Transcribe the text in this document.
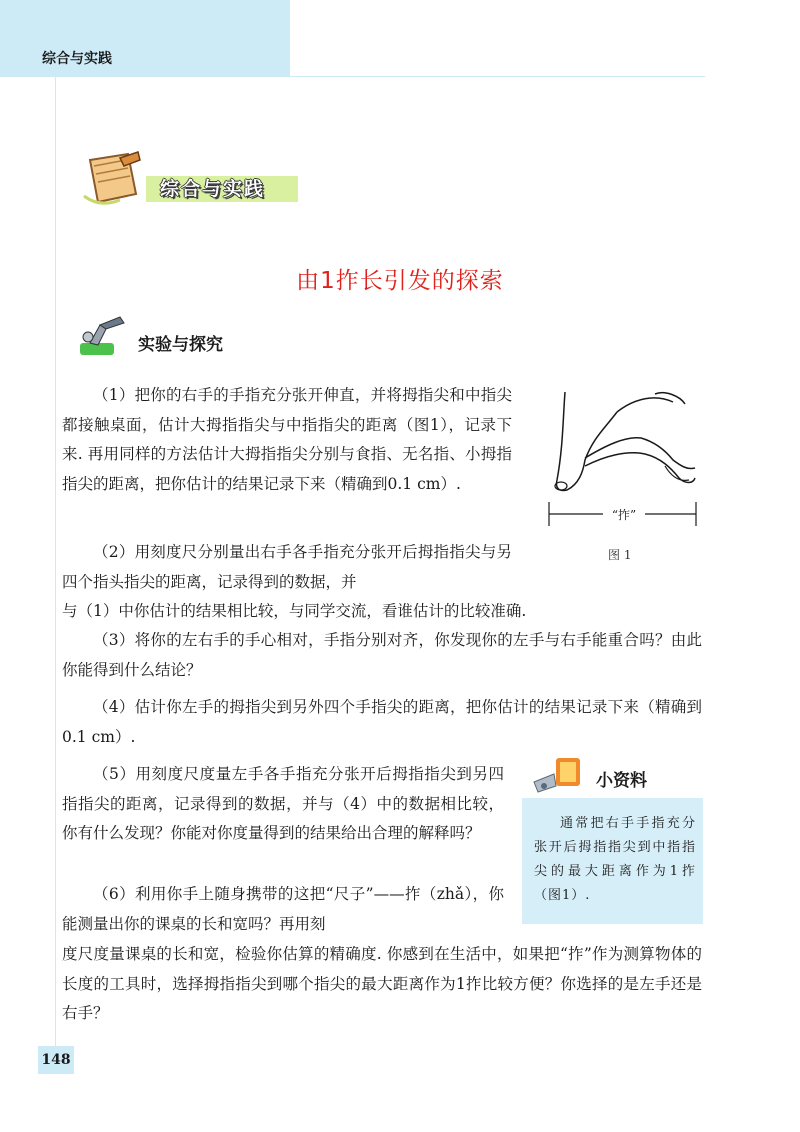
综合与实践
综合与实践
由1拃长引发的探索
实验与探究

（1）把你的右手的手指充分张开伸直，并将拇指尖和中指尖都接触桌面，估计大拇指指尖与中指指尖的距离（图1），记录下来. 再用同样的方法估计大拇指指尖分别与食指、无名指、小拇指指尖的距离，把你估计的结果记录下来（精确到0.1 cm）.

（2）用刻度尺分别量出右手各手指充分张开后拇指指尖与另四个指头指尖的距离，记录得到的数据，并

与（1）中你估计的结果相比较，与同学交流，看谁估计的比较准确.

（3）将你的左右手的手心相对，手指分别对齐，你发现你的左手与右手能重合吗？由此你能得到什么结论？

（4）估计你左手的拇指尖到另外四个手指尖的距离，把你估计的结果记录下来（精确到0.1 cm）.

（5）用刻度尺度量左手各手指充分张开后拇指指尖到另四指指尖的距离，记录得到的数据，并与（4）中的数据相比较，你有什么发现？你能对你度量得到的结果给出合理的解释吗？

（6）利用你手上随身携带的这把“尺子”——拃（zhǎ），你能测量出你的课桌的长和宽吗？再用刻

度尺度量课桌的长和宽，检验你估算的精确度. 你感到在生活中，如果把“拃”作为测算物体的长度的工具时，选择拇指指尖到哪个指尖的最大距离作为1拃比较方便？你选择的是左手还是右手？

“拃”
图 1
小资料

通常把右手手指充分张开后拇指指尖到中指指尖的最大距离作为1拃（图1）.

148
